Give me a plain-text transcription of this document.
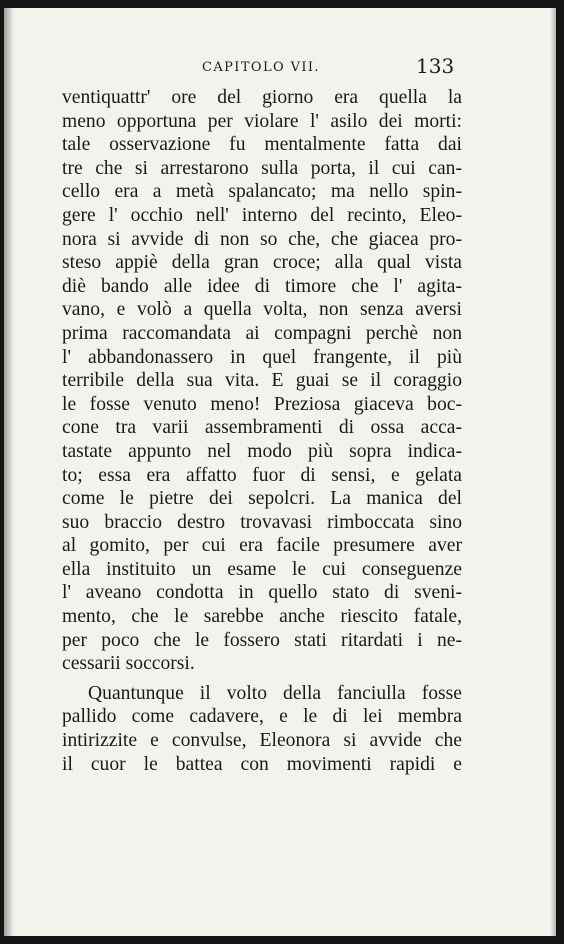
CAPITOLO VII.	133
ventiquattr' ore del giorno era quella la
meno opportuna per violare l' asilo dei morti:
tale osservazione fu mentalmente fatta dai
tre che si arrestarono sulla porta, il cui can-
cello era a metà spalancato; ma nello spin-
gere l' occhio nell' interno del recinto, Eleo-
nora si avvide di non so che, che giacea pro-
steso appiè della gran croce; alla qual vista
diè bando alle idee di timore che l' agita-
vano, e volò a quella volta, non senza aversi
prima raccomandata ai compagni perchè non
l' abbandonassero in quel frangente, il più
terribile della sua vita. E guai se il coraggio
le fosse venuto meno! Preziosa giaceva boc-
cone tra varii assembramenti di ossa acca-
tastate appunto nel modo più sopra indica-
to; essa era affatto fuor di sensi, e gelata
come le pietre dei sepolcri. La manica del
suo braccio destro trovavasi rimboccata sino
al gomito, per cui era facile presumere aver
ella instituito un esame le cui conseguenze
l' aveano condotta in quello stato di sveni-
mento, che le sarebbe anche riescito fatale,
per poco che le fossero stati ritardati i ne-
cessarii soccorsi.
Quantunque il volto della fanciulla fosse
pallido come cadavere, e le di lei membra
intirizzite e convulse, Eleonora si avvide che
il cuor le battea con movimenti rapidi e
